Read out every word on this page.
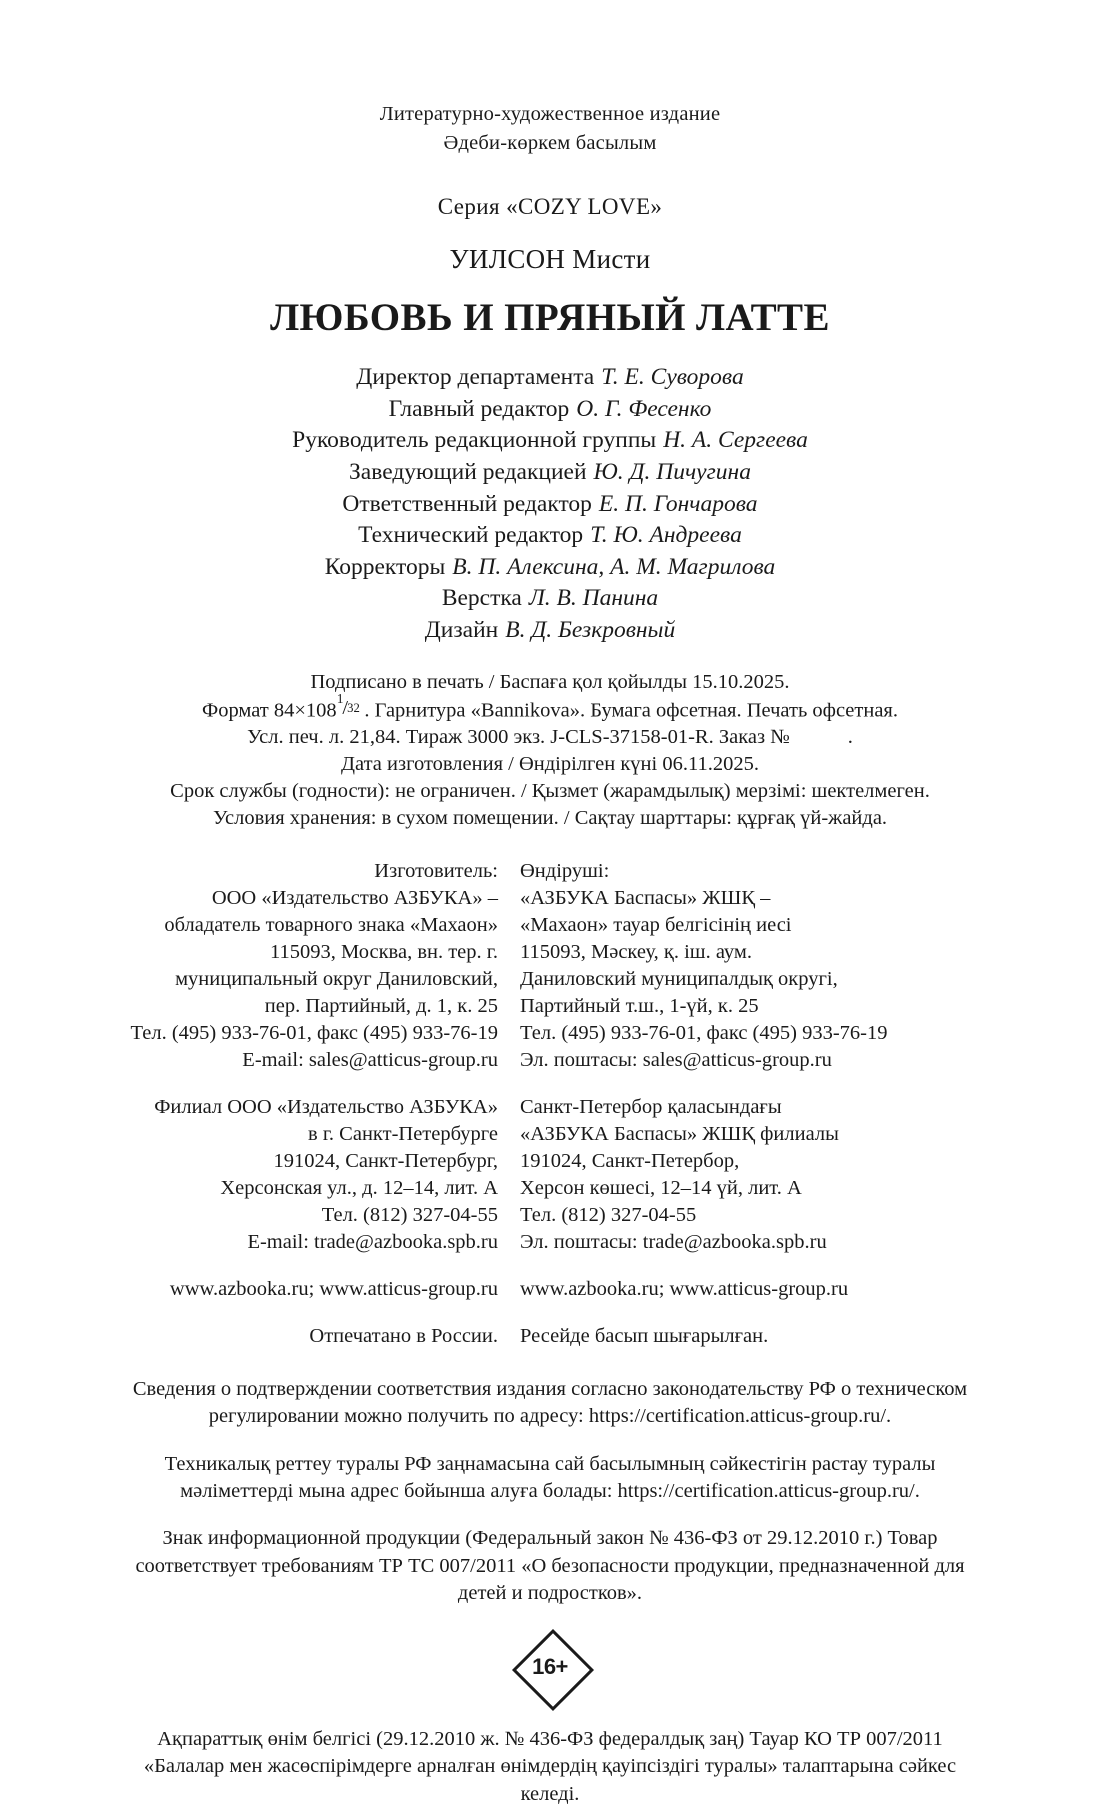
Литературно-художественное издание
Әдеби-көркем басылым
Серия «COZY LOVE»
УИЛСОН Мисти
ЛЮБОВЬ И ПРЯНЫЙ ЛАТТЕ
Директор департамента Т. Е. Суворова
Главный редактор О. Г. Фесенко
Руководитель редакционной группы Н. А. Сергеева
Заведующий редакцией Ю. Д. Пичугина
Ответственный редактор Е. П. Гончарова
Технический редактор Т. Ю. Андреева
Корректоры В. П. Алексина, А. М. Магрилова
Верстка Л. В. Панина
Дизайн В. Д. Безкровный
Подписано в печать / Баспаға қол қойылды 15.10.2025.
Формат 84×108
1
/
32 . Гарнитура «Bannikova». Бумага офсетная. Печать офсетная.
Усл. печ. л. 21,84. Тираж 3000 экз. J-CLS-37158-01-R. Заказ №	.
Дата изготовления / Өндірілген күні 06.11.2025.
Срок службы (годности): не ограничен. / Қызмет (жарамдылық) мерзімі: шектелмеген.
Условия хранения: в сухом помещении. / Сақтау шарттары: құрғақ үй-жайда.
Изготовитель:
ООО «Издательство АЗБУКА» –
обладатель товарного знака «Махаон»
115093, Москва, вн. тер. г.
муниципальный округ Даниловский,
пер. Партийный, д. 1, к. 25
Тел. (495) 933-76-01, факс (495) 933-76-19
E-mail: sales@atticus-group.ru
Филиал ООО «Издательство АЗБУКА»
в г. Санкт-Петербурге
191024, Санкт-Петербург,
Херсонская ул., д. 12–14, лит. А
Тел. (812) 327-04-55
E-mail: trade@azbooka.spb.ru
www.azbooka.ru; www.atticus-group.ru
Отпечатано в России.
Өндіруші:
«АЗБУКА Баспасы» ЖШҚ –
«Махаон» тауар белгісінің иесі
115093, Мәскеу, қ. іш. аум.
Даниловский муниципалдық округі,
Партийный т.ш., 1-үй, к. 25
Тел. (495) 933-76-01, факс (495) 933-76-19
Эл. поштасы: sales@atticus-group.ru
Санкт-Петербор қаласындағы
«АЗБУКА Баспасы» ЖШҚ филиалы
191024, Санкт-Петербор,
Херсон көшесі, 12–14 үй, лит. А
Тел. (812) 327-04-55
Эл. поштасы: trade@azbooka.spb.ru
www.azbooka.ru; www.atticus-group.ru
Ресейде басып шығарылған.

Сведения о подтверждении соответствия издания согласно законодательству РФ о техническом регулировании можно получить по адресу: https://certification.atticus-group.ru/.

Техникалық реттеу туралы РФ заңнамасына сай басылымның сәйкестігін растау туралы мәліметтерді мына адрес бойынша алуға болады: https://certification.atticus-group.ru/.

Знак информационной продукции (Федеральный закон № 436-ФЗ от 29.12.2010 г.) Товар соответствует требованиям ТР ТС 007/2011 «О безопасности продукции, предназначенной для детей и подростков».

16+
Ақпараттық өнім белгісі (29.12.2010 ж. № 436-ФЗ федералдық заң) Тауар КО ТР 007/2011 «Балалар мен жасөспірімдерге арналған өнімдердің қауіпсіздігі туралы» талаптарына сәйкес келеді.
